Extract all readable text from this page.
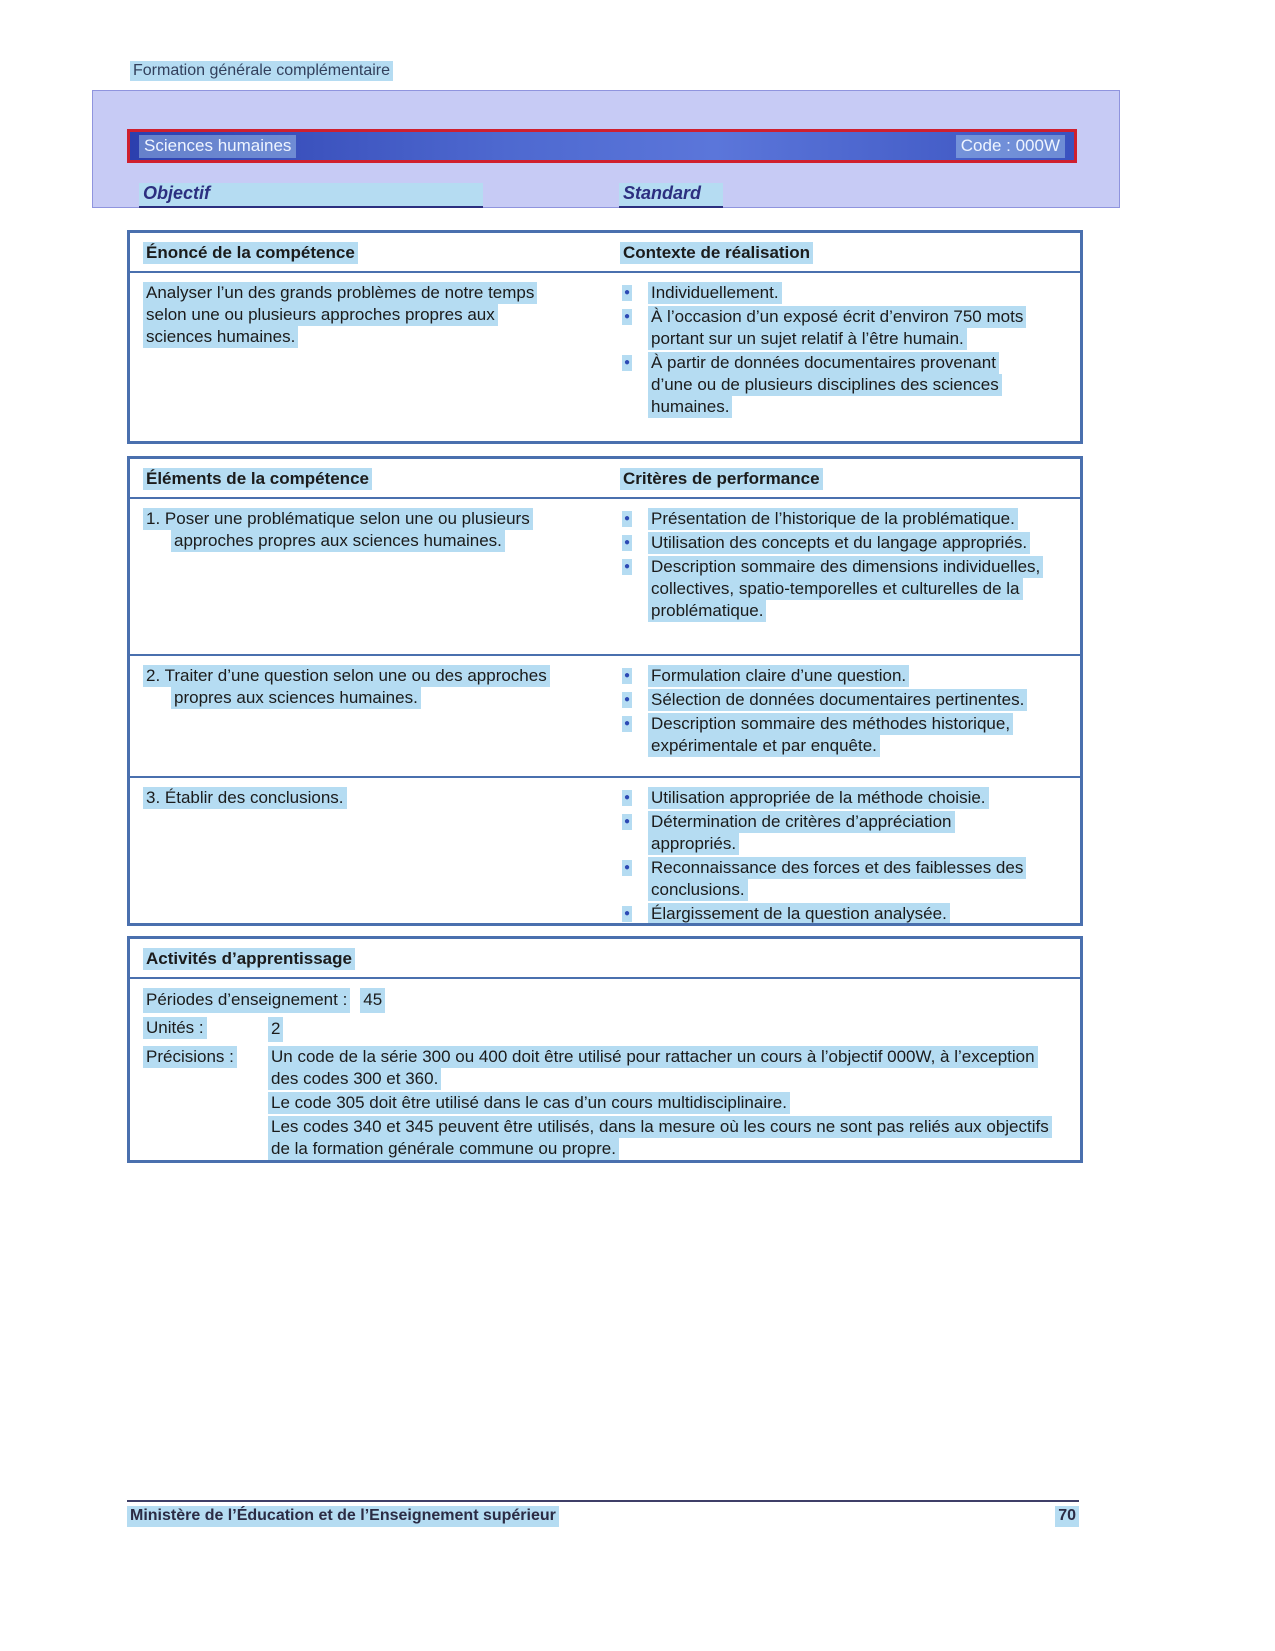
Formation générale complémentaire
Sciences humaines	Code : 000W
Objectif	Standard
Énoncé de la compétence	Contexte de réalisation

Analyser l’un des grands problèmes de notre temps selon une ou plusieurs approches propres aux sciences humaines.

● Individuellement.
● À l’occasion d’un exposé écrit d’environ 750 mots portant sur un sujet relatif à l’être humain.
● À partir de données documentaires provenant d’une ou de plusieurs disciplines des sciences humaines.
Éléments de la compétence	Critères de performance

1. Poser une problématique selon une ou plusieurs approches propres aux sciences humaines.

● Présentation de l’historique de la problématique.
● Utilisation des concepts et du langage appropriés.
● Description sommaire des dimensions individuelles, collectives, spatio-temporelles et culturelles de la problématique.

2. Traiter d’une question selon une ou des approches propres aux sciences humaines.

● Formulation claire d’une question.
● Sélection de données documentaires pertinentes.
● Description sommaire des méthodes historique, expérimentale et par enquête.

3. Établir des conclusions.	● Utilisation appropriée de la méthode choisie.
● Détermination de critères d’appréciation appropriés.
● Reconnaissance des forces et des faiblesses des conclusions.
● Élargissement de la question analysée.
Activités d’apprentissage
Périodes d’enseignement : 45
Unités :	2
Précisions :	Un code de la série 300 ou 400 doit être utilisé pour rattacher un cours à l’objectif 000W, à l’exception des codes 300 et 360.

Le code 305 doit être utilisé dans le cas d’un cours multidisciplinaire.

Les codes 340 et 345 peuvent être utilisés, dans la mesure où les cours ne sont pas reliés aux objectifs de la formation générale commune ou propre.

Ministère de l’Éducation et de l’Enseignement supérieur	70
